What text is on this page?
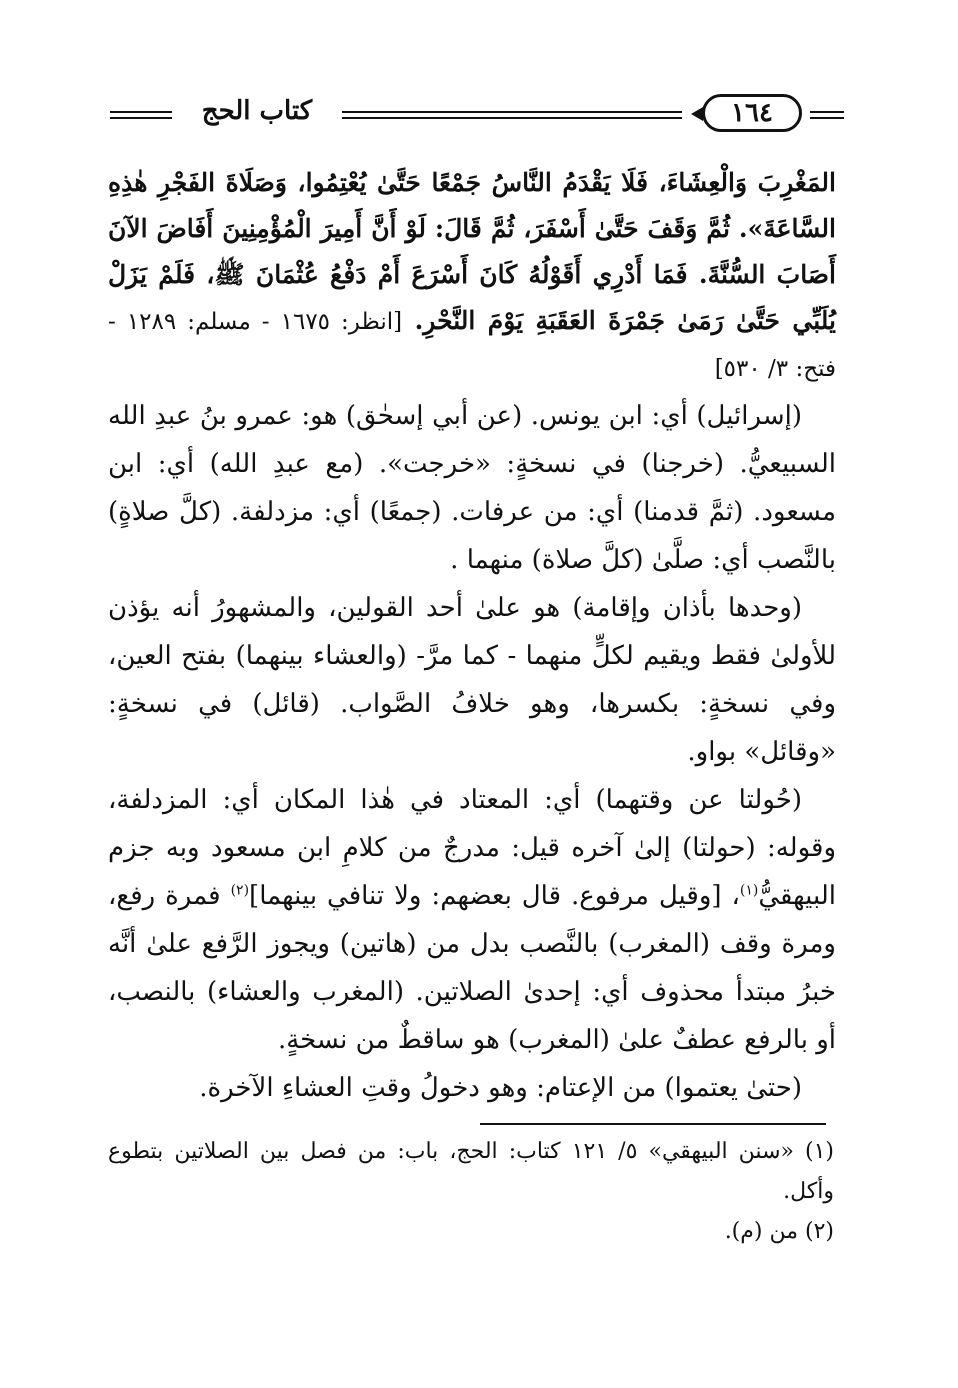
كتاب الحج	١٦٤

المَغْرِبَ وَالْعِشَاءَ، فَلَا يَقْدَمُ النَّاسُ جَمْعًا حَتَّىٰ يُعْتِمُوا، وَصَلَاةَ الفَجْرِ هٰذِهِ السَّاعَةَ». ثُمَّ وَقَفَ حَتَّىٰ أَسْفَرَ، ثُمَّ قَالَ: لَوْ أَنَّ أَمِيرَ الْمُؤْمِنِينَ أَفَاضَ الآنَ أَصَابَ السُّنَّةَ. فَمَا أَدْرِي أَقَوْلُهُ كَانَ أَسْرَعَ أَمْ دَفْعُ عُثْمَانَ ﷺ، فَلَمْ يَزَلْ يُلَبِّي حَتَّىٰ رَمَىٰ جَمْرَةَ العَقَبَةِ يَوْمَ النَّحْرِ. [انظر: ١٦٧٥ - مسلم: ١٢٨٩ - فتح: ٣/ ٥٣٠]

(إسرائيل) أي: ابن يونس. (عن أبي إسحٰق) هو: عمرو بنُ عبدِ الله السبيعيُّ. (خرجنا) في نسخةٍ: «خرجت». (مع عبدِ الله) أي: ابن مسعود. (ثمَّ قدمنا) أي: من عرفات. (جمعًا) أي: مزدلفة. (كلَّ صلاةٍ) بالنَّصب أي: صلَّىٰ (كلَّ صلاة) منهما .

(وحدها بأذان وإقامة) هو علىٰ أحد القولين، والمشهورُ أنه يؤذن للأولىٰ فقط ويقيم لكلٍّ منهما - كما مرَّ- (والعشاء بينهما) بفتح العين، وفي نسخةٍ: بكسرها، وهو خلافُ الصَّواب. (قائل) في نسخةٍ: «وقائل» بواو.

(حُولتا عن وقتهما) أي: المعتاد في هٰذا المكان أي: المزدلفة، وقوله: (حولتا) إلىٰ آخره قيل: مدرجٌ من كلامِ ابن مسعود وبه جزم البيهقيُّ$^{(١)}$، [وقيل مرفوع. قال بعضهم: ولا تنافي بينهما]$^{(٢)}$ فمرة رفع، ومرة وقف (المغرب) بالنَّصب بدل من (هاتين) ويجوز الرَّفع علىٰ أنَّه خبرُ مبتدأ محذوف أي: إحدىٰ الصلاتين. (المغرب والعشاء) بالنصب، أو بالرفع عطفٌ علىٰ (المغرب) هو ساقطٌ من نسخةٍ.

(حتىٰ يعتموا) من الإعتام: وهو دخولُ وقتِ العشاءِ الآخرة.

(١) «سنن البيهقي» ٥/ ١٢١ كتاب: الحج، باب: من فصل بين الصلاتين بتطوع وأكل.

(٢) من (م).
